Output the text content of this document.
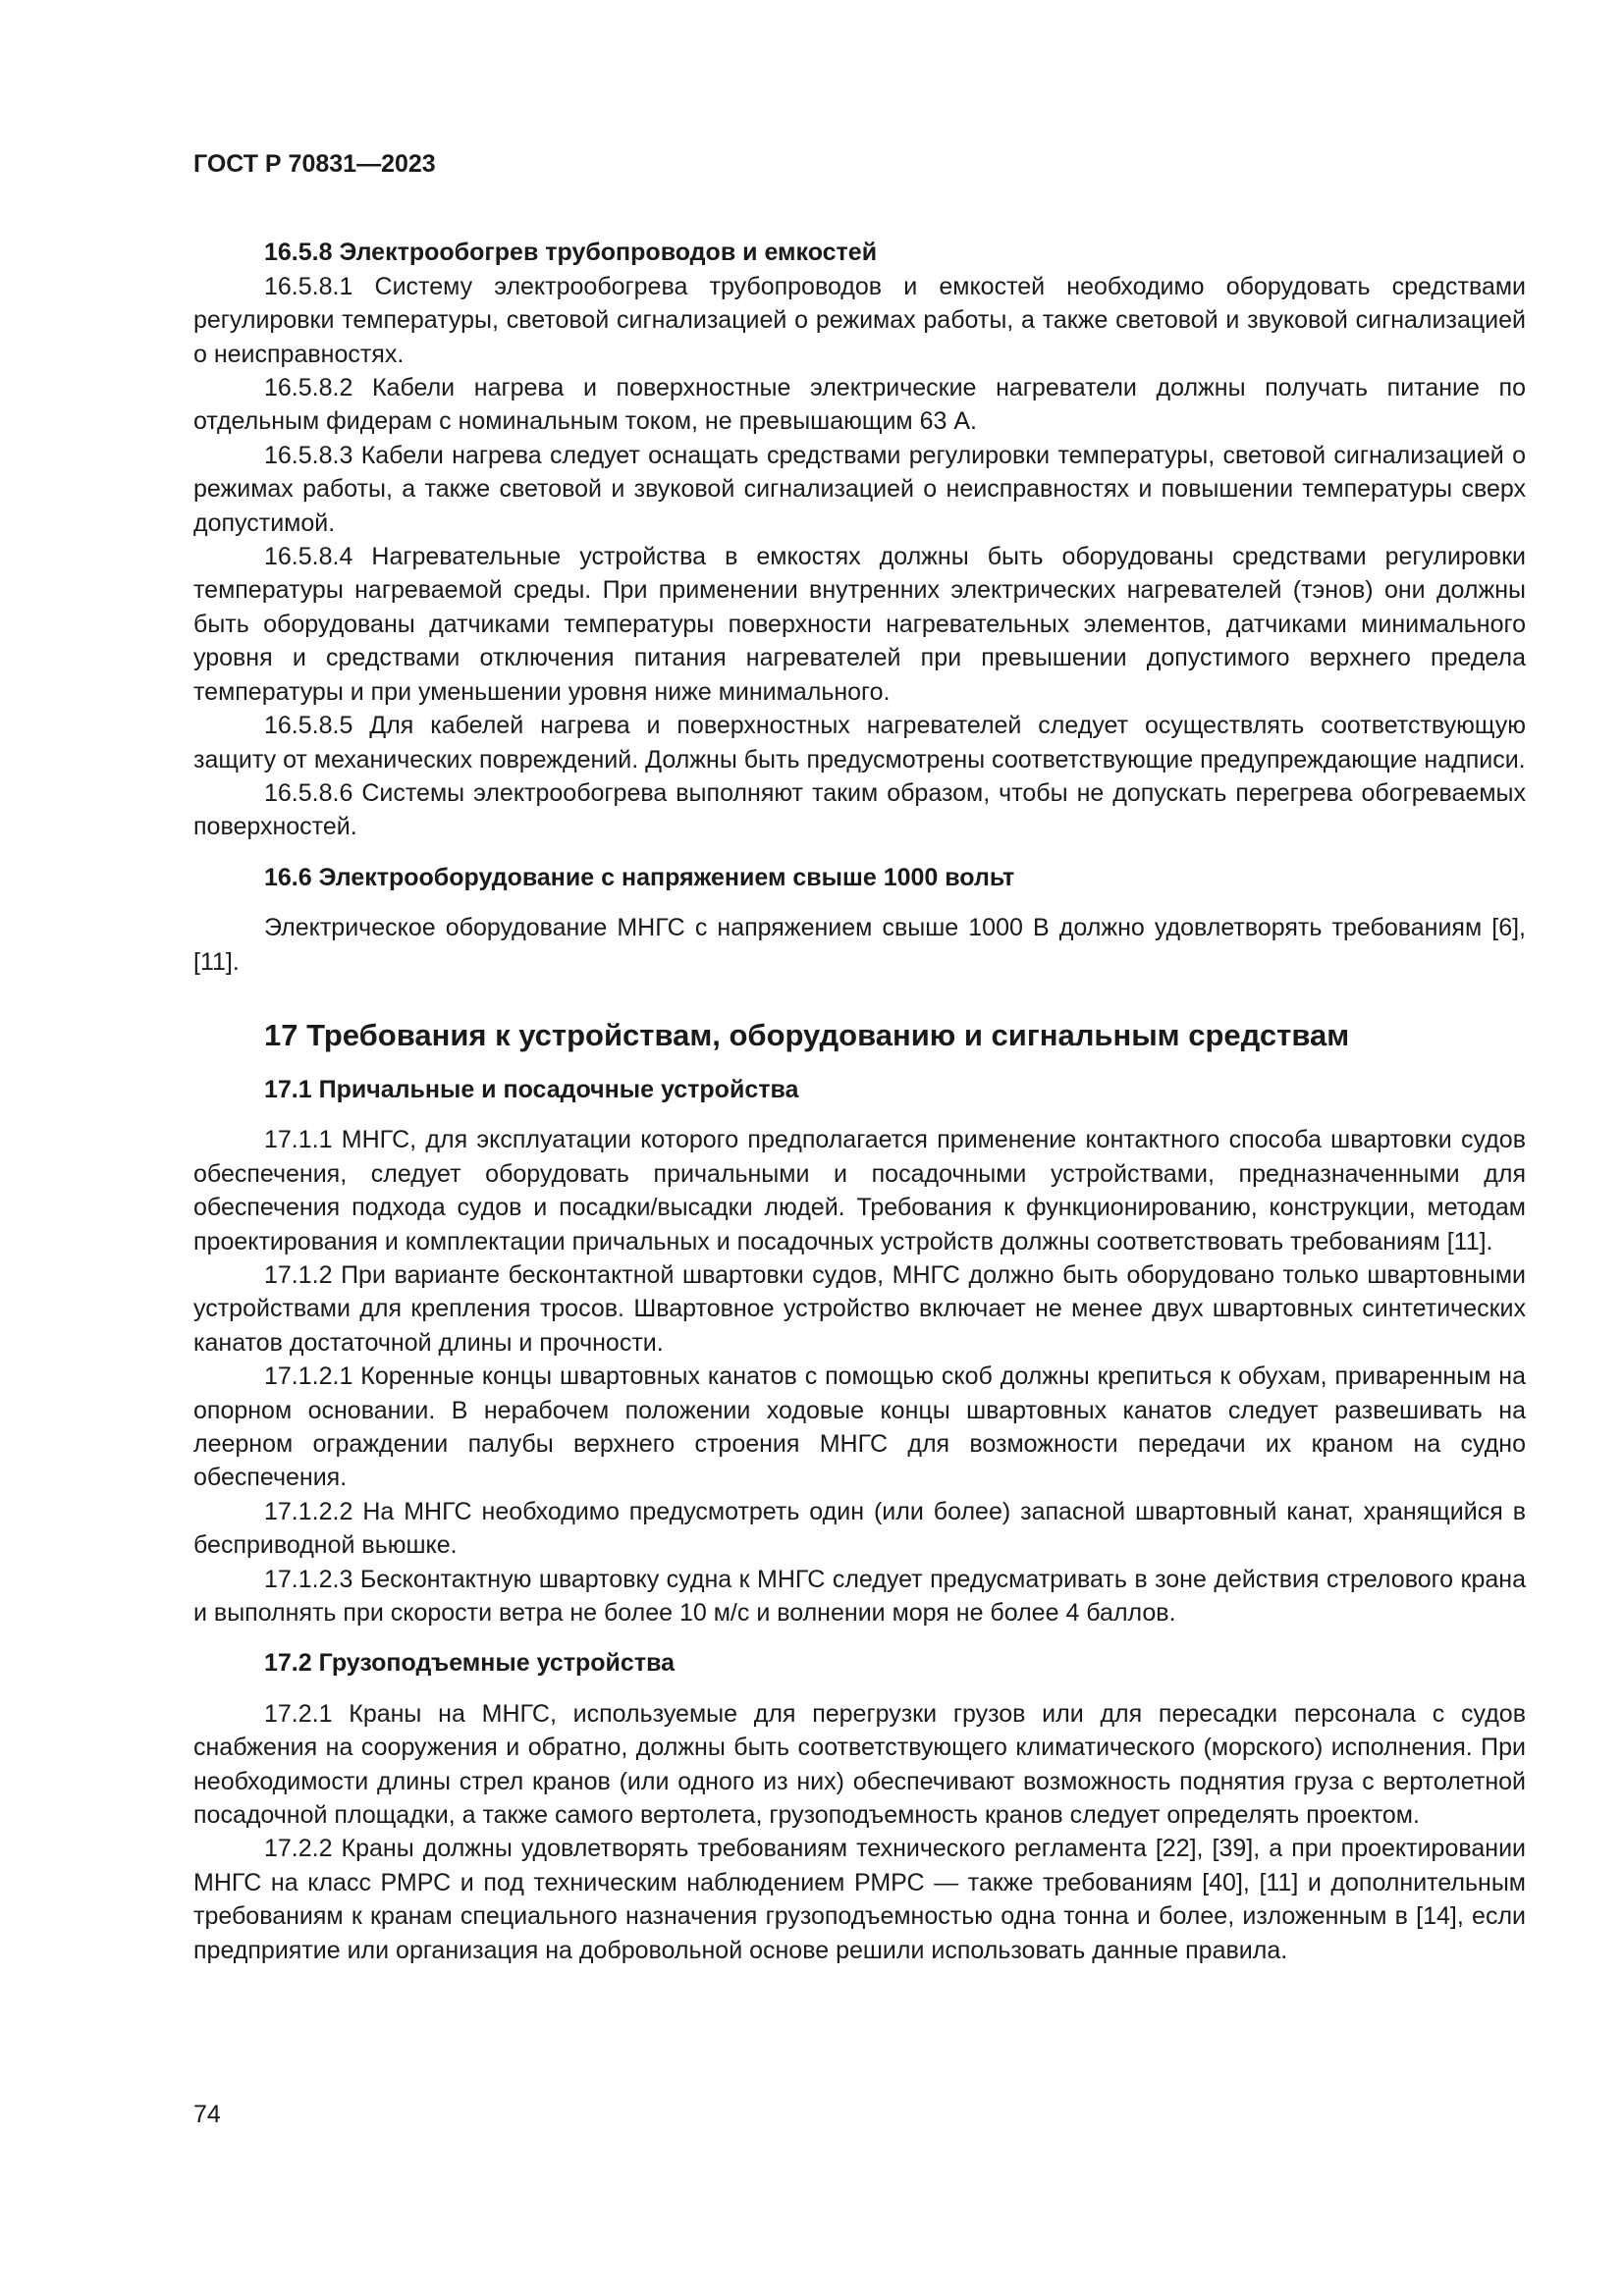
ГОСТ Р 70831—2023
16.5.8 Электрообогрев трубопроводов и емкостей

16.5.8.1 Систему электрообогрева трубопроводов и емкостей необходимо оборудовать средствами регулировки температуры, световой сигнализацией о режимах работы, а также световой и звуковой сигнализацией о неисправностях.

16.5.8.2 Кабели нагрева и поверхностные электрические нагреватели должны получать питание по отдельным фидерам с номинальным током, не превышающим 63 А.

16.5.8.3 Кабели нагрева следует оснащать средствами регулировки температуры, световой сигнализацией о режимах работы, а также световой и звуковой сигнализацией о неисправностях и повышении температуры сверх допустимой.

16.5.8.4 Нагревательные устройства в емкостях должны быть оборудованы средствами регулировки температуры нагреваемой среды. При применении внутренних электрических нагревателей (тэнов) они должны быть оборудованы датчиками температуры поверхности нагревательных элементов, датчиками минимального уровня и средствами отключения питания нагревателей при превышении допустимого верхнего предела температуры и при уменьшении уровня ниже минимального.

16.5.8.5 Для кабелей нагрева и поверхностных нагревателей следует осуществлять соответствующую защиту от механических повреждений. Должны быть предусмотрены соответствующие предупреждающие надписи.

16.5.8.6 Системы электрообогрева выполняют таким образом, чтобы не допускать перегрева обогреваемых поверхностей.

16.6 Электрооборудование с напряжением свыше 1000 вольт

Электрическое оборудование МНГС с напряжением свыше 1000 В должно удовлетворять требованиям [6], [11].

17 Требования к устройствам, оборудованию и сигнальным средствам
17.1 Причальные и посадочные устройства

17.1.1 МНГС, для эксплуатации которого предполагается применение контактного способа швартовки судов обеспечения, следует оборудовать причальными и посадочными устройствами, предназначенными для обеспечения подхода судов и посадки/высадки людей. Требования к функционированию, конструкции, методам проектирования и комплектации причальных и посадочных устройств должны соответствовать требованиям [11].

17.1.2 При варианте бесконтактной швартовки судов, МНГС должно быть оборудовано только швартовными устройствами для крепления тросов. Швартовное устройство включает не менее двух швартовных синтетических канатов достаточной длины и прочности.

17.1.2.1 Коренные концы швартовных канатов с помощью скоб должны крепиться к обухам, приваренным на опорном основании. В нерабочем положении ходовые концы швартовных канатов следует развешивать на леерном ограждении палубы верхнего строения МНГС для возможности передачи их краном на судно обеспечения.

17.1.2.2 На МНГС необходимо предусмотреть один (или более) запасной швартовный канат, хранящийся в бесприводной вьюшке.

17.1.2.3 Бесконтактную швартовку судна к МНГС следует предусматривать в зоне действия стрелового крана и выполнять при скорости ветра не более 10 м/с и волнении моря не более 4 баллов.

17.2 Грузоподъемные устройства

17.2.1 Краны на МНГС, используемые для перегрузки грузов или для пересадки персонала с судов снабжения на сооружения и обратно, должны быть соответствующего климатического (морского) исполнения. При необходимости длины стрел кранов (или одного из них) обеспечивают возможность поднятия груза с вертолетной посадочной площадки, а также самого вертолета, грузоподъемность кранов следует определять проектом.

17.2.2 Краны должны удовлетворять требованиям технического регламента [22], [39], а при проектировании МНГС на класс РМРС и под техническим наблюдением РМРС — также требованиям [40], [11] и дополнительным требованиям к кранам специального назначения грузоподъемностью одна тонна и более, изложенным в [14], если предприятие или организация на добровольной основе решили использовать данные правила.

74
